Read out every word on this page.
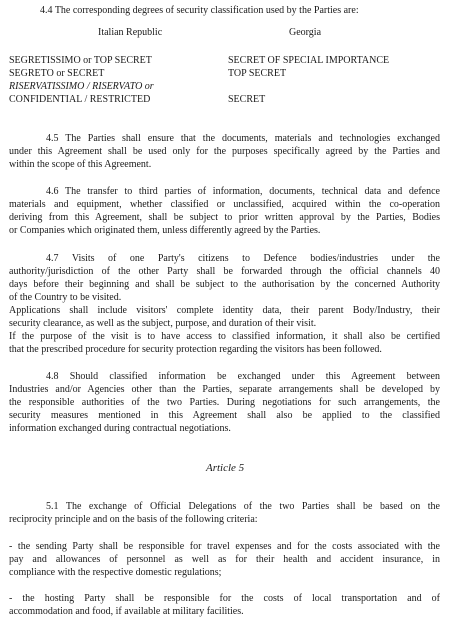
4.4 The corresponding degrees of security classification used by the Parties are:
Italian Republic	Georgia
SEGRETISSIMO or TOP SECRET	SECRET OF SPECIAL IMPORTANCE
SEGRETO or SECRET	TOP SECRET
RISERVATISSIMO / RISERVATO or
CONFIDENTIAL / RESTRICTED	SECRET
4.5 The Parties shall ensure that the documents, materials and technologies exchanged
under this Agreement shall be used only for the purposes specifically agreed by the Parties and
within the scope of this Agreement.
4.6 The transfer to third parties of information, documents, technical data and defence
materials and equipment, whether classified or unclassified, acquired within the co-operation
deriving from this Agreement, shall be subject to prior written approval by the Parties, Bodies
or Companies which originated them, unless differently agreed by the Parties.
4.7 Visits of one Party's citizens to Defence bodies/industries under the
authority/jurisdiction of the other Party shall be forwarded through the official channels 40
days before their beginning and shall be subject to the authorisation by the concerned Authority
of the Country to be visited.
Applications shall include visitors' complete identity data, their parent Body/Industry, their
security clearance, as well as the subject, purpose, and duration of their visit.
If the purpose of the visit is to have access to classified information, it shall also be certified
that the prescribed procedure for security protection regarding the visitors has been followed.
4.8 Should classified information be exchanged under this Agreement between
Industries and/or Agencies other than the Parties, separate arrangements shall be developed by
the responsible authorities of the two Parties. During negotiations for such arrangements, the
security measures mentioned in this Agreement shall also be applied to the classified
information exchanged during contractual negotiations.
Article 5
5.1 The exchange of Official Delegations of the two Parties shall be based on the
reciprocity principle and on the basis of the following criteria:
- the sending Party shall be responsible for travel expenses and for the costs associated with the
pay and allowances of personnel as well as for their health and accident insurance, in
compliance with the respective domestic regulations;
- the hosting Party shall be responsible for the costs of local transportation and of
accommodation and food, if available at military facilities.
